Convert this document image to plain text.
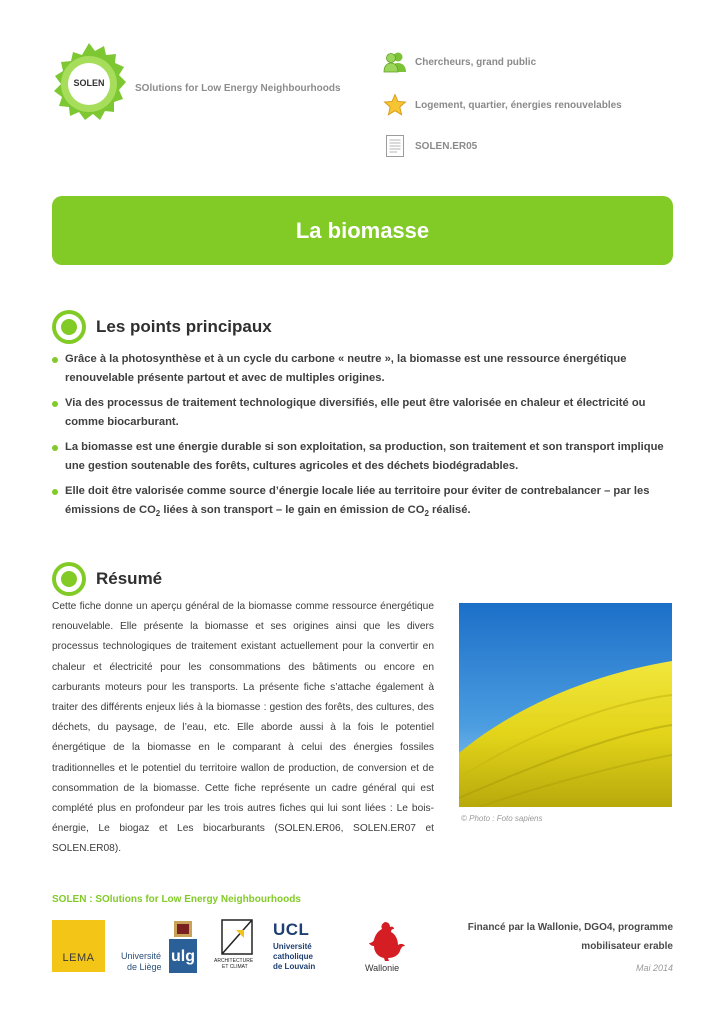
SOLEN	SOlutions for Low Energy Neighbourhoods
Chercheurs, grand public
Logement, quartier, énergies renouvelables
SOLEN.ER05
La biomasse
Les points principaux
Grâce à la photosynthèse et à un cycle du carbone « neutre », la biomasse est une ressource énergétique renouvelable présente partout et avec de multiples origines.
Via des processus de traitement technologique diversifiés, elle peut être valorisée en chaleur et électricité ou comme biocarburant.
La biomasse est une énergie durable si son exploitation, sa production, son traitement et son transport implique une gestion soutenable des forêts, cultures agricoles et des déchets biodégradables.
Elle doit être valorisée comme source d’énergie locale liée au territoire pour éviter de contrebalancer – par les émissions de $CO_2$ liées à son transport – le gain en émission de $CO_2$ réalisé.
Résumé

Cette fiche donne un aperçu général de la biomasse comme ressource énergétique renouvelable. Elle présente la biomasse et ses origines ainsi que les divers processus technologiques de traitement existant actuellement pour la convertir en chaleur et électricité pour les consommations des bâtiments ou encore en carburants moteurs pour les transports. La présente fiche s’attache également à traiter des différents enjeux liés à la biomasse : gestion des forêts, des cultures, des déchets, du paysage, de l’eau, etc. Elle aborde aussi à la fois le potentiel énergétique de la biomasse en le comparant à celui des énergies fossiles traditionnelles et le potentiel du territoire wallon de production, de conversion et de consommation de la biomasse. Cette fiche représente un cadre général qui est complété plus en profondeur par les trois autres fiches qui lui sont liées : Le bois-énergie, Le biogaz et Les biocarburants (SOLEN.ER06, SOLEN.ER07 et SOLEN.ER08).

© Photo : Foto sapiens
SOLEN : SOlutions for Low Energy Neighbourhoods
LEMA	Université
de Liège
ulg	ARCHITECTURE
ET CLIMAT
UCL
Université
catholique
de Louvain	Wallonie

Financé par la Wallonie, DGO4, programme
mobilisateur erable

Mai 2014
